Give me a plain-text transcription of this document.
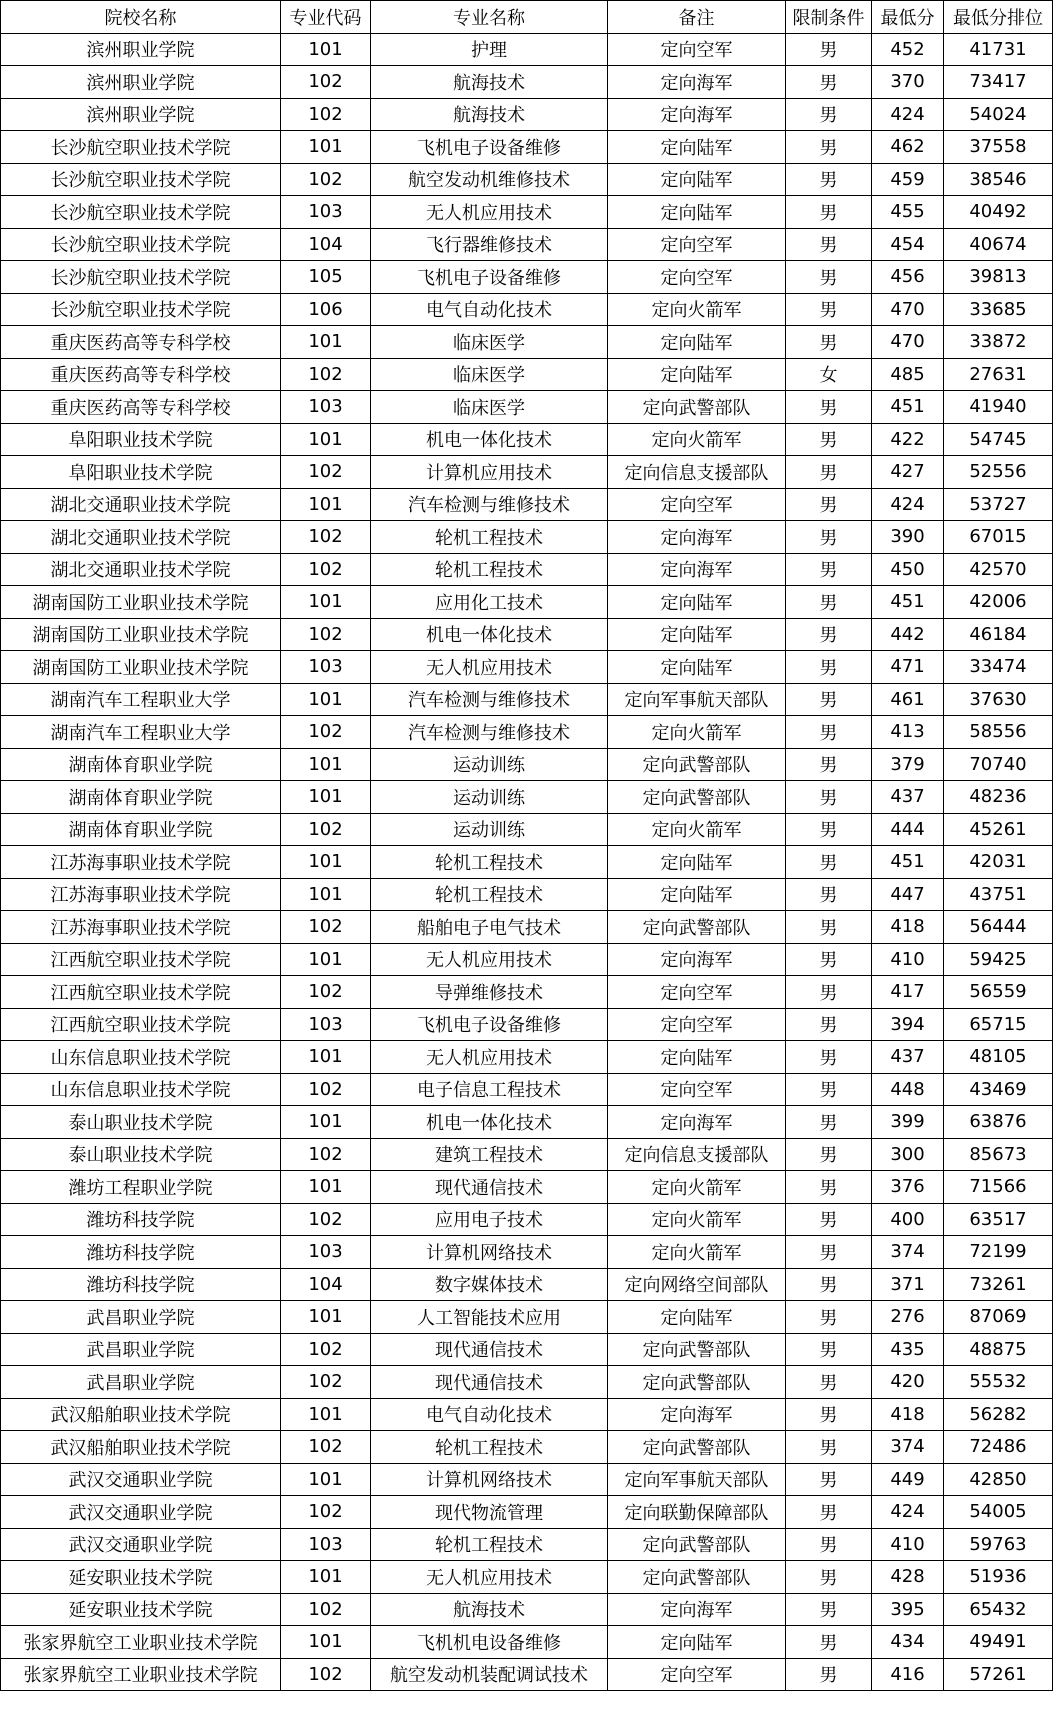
院校名称	专业代码	专业名称	备注	限制条件	最低分	最低分排位
滨州职业学院	101	护理	定向空军	男	452	41731
滨州职业学院	102	航海技术	定向海军	男	370	73417
滨州职业学院	102	航海技术	定向海军	男	424	54024
长沙航空职业技术学院	101	飞机电子设备维修	定向陆军	男	462	37558
长沙航空职业技术学院	102	航空发动机维修技术	定向陆军	男	459	38546
长沙航空职业技术学院	103	无人机应用技术	定向陆军	男	455	40492
长沙航空职业技术学院	104	飞行器维修技术	定向空军	男	454	40674
长沙航空职业技术学院	105	飞机电子设备维修	定向空军	男	456	39813
长沙航空职业技术学院	106	电气自动化技术	定向火箭军	男	470	33685
重庆医药高等专科学校	101	临床医学	定向陆军	男	470	33872
重庆医药高等专科学校	102	临床医学	定向陆军	女	485	27631
重庆医药高等专科学校	103	临床医学	定向武警部队	男	451	41940
阜阳职业技术学院	101	机电一体化技术	定向火箭军	男	422	54745
阜阳职业技术学院	102	计算机应用技术	定向信息支援部队	男	427	52556
湖北交通职业技术学院	101	汽车检测与维修技术	定向空军	男	424	53727
湖北交通职业技术学院	102	轮机工程技术	定向海军	男	390	67015
湖北交通职业技术学院	102	轮机工程技术	定向海军	男	450	42570
湖南国防工业职业技术学院	101	应用化工技术	定向陆军	男	451	42006
湖南国防工业职业技术学院	102	机电一体化技术	定向陆军	男	442	46184
湖南国防工业职业技术学院	103	无人机应用技术	定向陆军	男	471	33474
湖南汽车工程职业大学	101	汽车检测与维修技术	定向军事航天部队	男	461	37630
湖南汽车工程职业大学	102	汽车检测与维修技术	定向火箭军	男	413	58556
湖南体育职业学院	101	运动训练	定向武警部队	男	379	70740
湖南体育职业学院	101	运动训练	定向武警部队	男	437	48236
湖南体育职业学院	102	运动训练	定向火箭军	男	444	45261
江苏海事职业技术学院	101	轮机工程技术	定向陆军	男	451	42031
江苏海事职业技术学院	101	轮机工程技术	定向陆军	男	447	43751
江苏海事职业技术学院	102	船舶电子电气技术	定向武警部队	男	418	56444
江西航空职业技术学院	101	无人机应用技术	定向海军	男	410	59425
江西航空职业技术学院	102	导弹维修技术	定向空军	男	417	56559
江西航空职业技术学院	103	飞机电子设备维修	定向空军	男	394	65715
山东信息职业技术学院	101	无人机应用技术	定向陆军	男	437	48105
山东信息职业技术学院	102	电子信息工程技术	定向空军	男	448	43469
泰山职业技术学院	101	机电一体化技术	定向海军	男	399	63876
泰山职业技术学院	102	建筑工程技术	定向信息支援部队	男	300	85673
潍坊工程职业学院	101	现代通信技术	定向火箭军	男	376	71566
潍坊科技学院	102	应用电子技术	定向火箭军	男	400	63517
潍坊科技学院	103	计算机网络技术	定向火箭军	男	374	72199
潍坊科技学院	104	数字媒体技术	定向网络空间部队	男	371	73261
武昌职业学院	101	人工智能技术应用	定向陆军	男	276	87069
武昌职业学院	102	现代通信技术	定向武警部队	男	435	48875
武昌职业学院	102	现代通信技术	定向武警部队	男	420	55532
武汉船舶职业技术学院	101	电气自动化技术	定向海军	男	418	56282
武汉船舶职业技术学院	102	轮机工程技术	定向武警部队	男	374	72486
武汉交通职业学院	101	计算机网络技术	定向军事航天部队	男	449	42850
武汉交通职业学院	102	现代物流管理	定向联勤保障部队	男	424	54005
武汉交通职业学院	103	轮机工程技术	定向武警部队	男	410	59763
延安职业技术学院	101	无人机应用技术	定向武警部队	男	428	51936
延安职业技术学院	102	航海技术	定向海军	男	395	65432
张家界航空工业职业技术学院	101	飞机机电设备维修	定向陆军	男	434	49491
张家界航空工业职业技术学院	102	航空发动机装配调试技术	定向空军	男	416	57261
